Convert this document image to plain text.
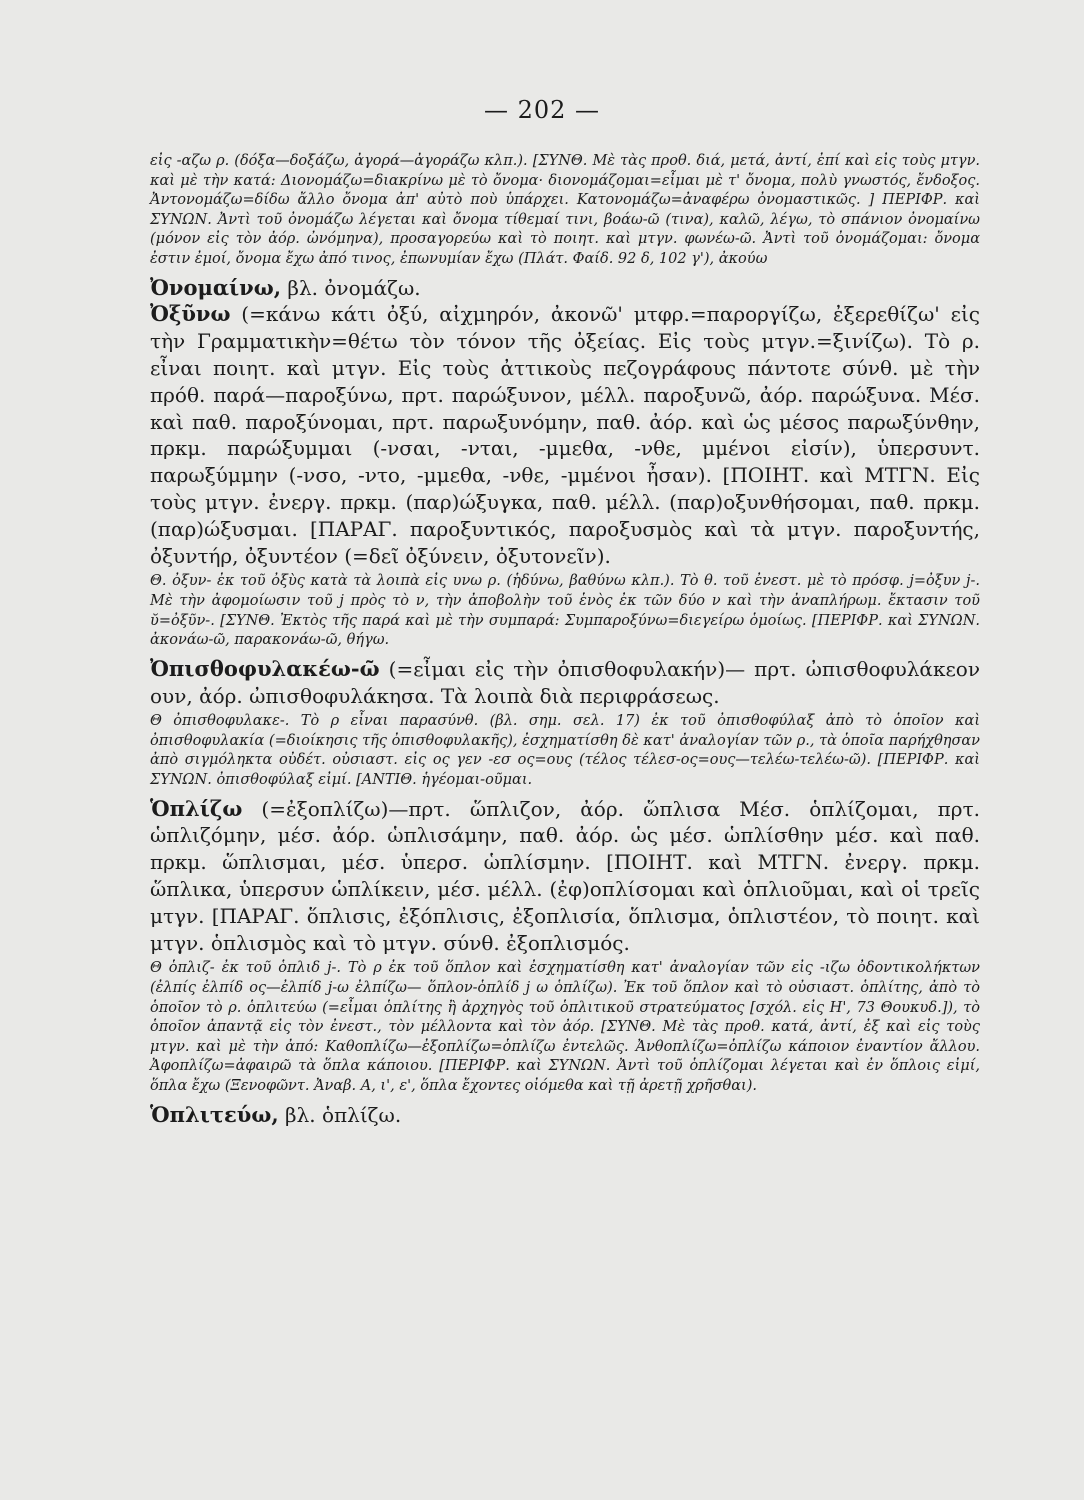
— 202 —

εἰς -αζω ρ. (δόξα—δοξάζω, ἀγορά—ἀγοράζω κλπ.). [ΣΥΝΘ. Μὲ τὰς προθ. διά, μετά, ἀντί, ἐπί καὶ εἰς τοὺς μτγν. καὶ μὲ τὴν κατά: Διονομάζω=διακρίνω μὲ τὸ ὄνομα· διονομάζομαι=εἶμαι μὲ τ' ὄνομα, πολὺ γνωστός, ἔνδοξος. Ἀντονομάζω=δίδω ἄλλο ὄνομα ἀπ' αὐτὸ ποὺ ὑπάρχει. Κατονομάζω=ἀναφέρω ὀνομαστικῶς. ] ΠΕΡΙΦΡ. καὶ ΣΥΝΩΝ. Ἀντὶ τοῦ ὀνομάζω λέγεται καὶ ὄνομα τίθεμαί τινι, βοάω-ῶ (τινα), καλῶ, λέγω, τὸ σπάνιον ὀνομαίνω (μόνον εἰς τὸν ἀόρ. ὠνόμηνα), προσαγορεύω καὶ τὸ ποιητ. καὶ μτγν. φωνέω-ῶ. Ἀντὶ τοῦ ὀνομάζομαι: ὄνομα ἐστιν ἐμοί, ὄνομα ἔχω ἀπό τινος, ἐπωνυμίαν ἔχω (Πλάτ. Φαίδ. 92 δ, 102 γ'), ἀκούω

Ὀνομαίνω, βλ. ὀνομάζω.

Ὀξῦνω (=κάνω κάτι ὀξύ, αἰχμηρόν, ἀκονῶ' μτφρ.=παροργίζω, ἐξερεθίζω' εἰς τὴν Γραμματικὴν=θέτω τὸν τόνον τῆς ὀξείας. Εἰς τοὺς μτγν.=ξινίζω). Τὸ ρ. εἶναι ποιητ. καὶ μτγν. Εἰς τοὺς ἀττικοὺς πεζογράφους πάντοτε σύνθ. μὲ τὴν πρόθ. παρά—παροξύνω, πρτ. παρώξυνον, μέλλ. παροξυνῶ, ἀόρ. παρώξυνα. Μέσ. καὶ παθ. παροξύνομαι, πρτ. παρωξυνόμην, παθ. ἀόρ. καὶ ὡς μέσος παρωξύνθην, πρκμ. παρώξυμμαι (-νσαι, -νται, -μμεθα, -νθε, μμένοι εἰσίν), ὑπερσυντ. παρωξύμμην (-νσο, -ντο, -μμεθα, -νθε, -μμένοι ἦσαν). [ΠΟΙΗΤ. καὶ ΜΤΓΝ. Εἰς τοὺς μτγν. ἐνεργ. πρκμ. (παρ)ώξυγκα, παθ. μέλλ. (παρ)οξυνθήσομαι, παθ. πρκμ. (παρ)ώξυσμαι. [ΠΑΡΑΓ. παροξυντικός, παροξυσμὸς καὶ τὰ μτγν. παροξυντής, ὀξυντήρ, ὀξυντέον (=δεῖ ὀξύνειν, ὀξυτονεῖν).

Θ. ὀξυν- ἐκ τοῦ ὀξὺς κατὰ τὰ λοιπὰ εἰς υνω ρ. (ἡδύνω, βαθύνω κλπ.). Τὸ θ. τοῦ ἐνεστ. μὲ τὸ πρόσφ. j=ὀξυν j-. Μὲ τὴν ἀφομοίωσιν τοῦ j πρὸς τὸ ν, τὴν ἀποβολὴν τοῦ ἑνὸς ἐκ τῶν δύο ν καὶ τὴν ἀναπλήρωμ. ἔκτασιν τοῦ ῠ=ὀξῦν-. [ΣΥΝΘ. Ἐκτὸς τῆς παρά καὶ μὲ τὴν συμπαρά: Συμπαροξύνω=διεγείρω ὁμοίως. [ΠΕΡΙΦΡ. καὶ ΣΥΝΩΝ. ἀκονάω-ῶ, παρακονάω-ῶ, θήγω.

Ὀπισθοφυλακέω-ῶ (=εἶμαι εἰς τὴν ὀπισθοφυλακήν)— πρτ. ὠπισθοφυλάκεον ουν, ἀόρ. ὠπισθοφυλάκησα. Τὰ λοιπὰ διὰ περιφράσεως.

Θ ὀπισθοφυλακε-. Τὸ ρ εἶναι παρασύνθ. (βλ. σημ. σελ. 17) ἐκ τοῦ ὀπισθοφύλαξ ἀπὸ τὸ ὁποῖον καὶ ὀπισθοφυλακία (=διοίκησις τῆς ὀπισθοφυλακῆς), ἐσχηματίσθη δὲ κατ' ἀναλογίαν τῶν ρ., τὰ ὁποῖα παρήχθησαν ἀπὸ σιγμόληκτα οὐδέτ. οὐσιαστ. εἰς ος γεν -εσ ος=ους (τέλος τέλεσ-ος=ους—τελέω-τελέω-ῶ). [ΠΕΡΙΦΡ. καὶ ΣΥΝΩΝ. ὀπισθοφύλαξ εἰμί. [ΑΝΤΙΘ. ἡγέομαι-οῦμαι.

Ὁπλίζω (=ἐξοπλίζω)—πρτ. ὥπλιζον, ἀόρ. ὥπλισα Μέσ. ὁπλίζομαι, πρτ. ὡπλιζόμην, μέσ. ἀόρ. ὡπλισάμην, παθ. ἀόρ. ὡς μέσ. ὡπλίσθην μέσ. καὶ παθ. πρκμ. ὥπλισμαι, μέσ. ὑπερσ. ὡπλίσμην. [ΠΟΙΗΤ. καὶ ΜΤΓΝ. ἐνεργ. πρκμ. ὥπλικα, ὑπερσυν ὡπλίκειν, μέσ. μέλλ. (ἐφ)οπλίσομαι καὶ ὁπλιοῦμαι, καὶ οἱ τρεῖς μτγν. [ΠΑΡΑΓ. ὅπλισις, ἐξόπλισις, ἐξοπλισία, ὅπλισμα, ὁπλιστέον, τὸ ποιητ. καὶ μτγν. ὁπλισμὸς καὶ τὸ μτγν. σύνθ. ἐξοπλισμός.

Θ ὁπλιζ- ἐκ τοῦ ὁπλιδ j-. Τὸ ρ ἐκ τοῦ ὅπλον καὶ ἐσχηματίσθη κατ' ἀναλογίαν τῶν εἰς -ιζω ὀδοντικολήκτων (ἐλπίς ἐλπίδ ος—ἐλπίδ j-ω ἐλπίζω— ὅπλον-ὁπλίδ j ω ὁπλίζω). Ἐκ τοῦ ὅπλον καὶ τὸ οὐσιαστ. ὁπλίτης, ἀπὸ τὸ ὁποῖον τὸ ρ. ὁπλιτεύω (=εἶμαι ὁπλίτης ἢ ἀρχηγὸς τοῦ ὁπλιτικοῦ στρατεύματος [σχόλ. εἰς Η', 73 Θουκυδ.]), τὸ ὁποῖον ἀπαντᾷ εἰς τὸν ἐνεστ., τὸν μέλλοντα καὶ τὸν ἀόρ. [ΣΥΝΘ. Μὲ τὰς προθ. κατά, ἀντί, ἐξ καὶ εἰς τοὺς μτγν. καὶ μὲ τὴν ἀπό: Καθοπλίζω—ἐξοπλίζω=ὁπλίζω ἐντελῶς. Ἀνθοπλίζω=ὁπλίζω κάποιον ἐναντίον ἄλλου. Ἀφοπλίζω=ἀφαιρῶ τὰ ὅπλα κάποιου. [ΠΕΡΙΦΡ. καὶ ΣΥΝΩΝ. Ἀντὶ τοῦ ὁπλίζομαι λέγεται καὶ ἐν ὅπλοις εἰμί, ὅπλα ἔχω (Ξενοφῶντ. Ἀναβ. Α, ι', ε', ὅπλα ἔχοντες οἰόμεθα καὶ τῇ ἀρετῇ χρῆσθαι).

Ὁπλιτεύω, βλ. ὁπλίζω.
